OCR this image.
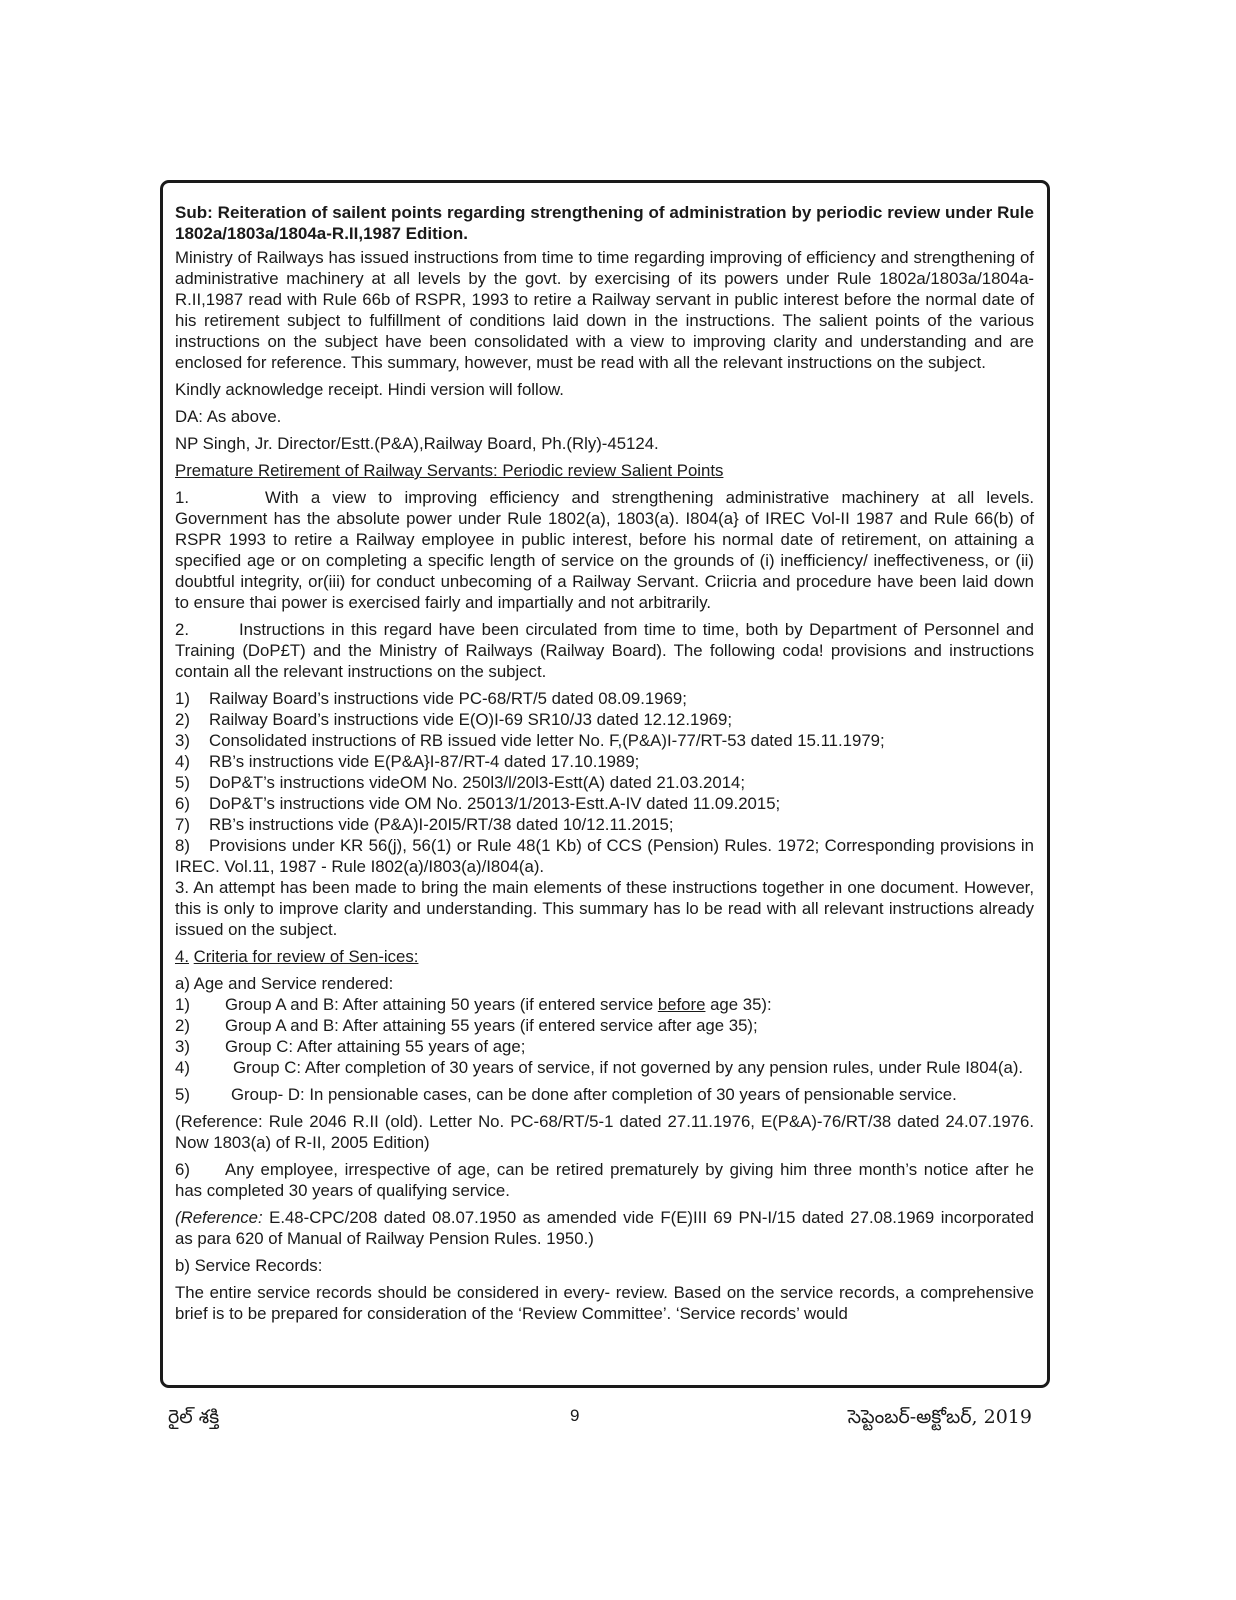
Sub: Reiteration of sailent points regarding strengthening of administration by periodic review under Rule 1802a/1803a/1804a-R.II,1987 Edition.

Ministry of Railways has issued instructions from time to time regarding improving of efficiency and strengthening of administrative machinery at all levels by the govt. by exercising of its powers under Rule 1802a/1803a/1804a-R.II,1987 read with Rule 66b of RSPR, 1993 to retire a Railway servant in public interest before the normal date of his retirement subject to fulfillment of conditions laid down in the instructions. The salient points of the various instructions on the subject have been consolidated with a view to improving clarity and understanding and are enclosed for reference. This summary, however, must be read with all the relevant instructions on the subject.

Kindly acknowledge receipt. Hindi version will follow.

DA: As above.

NP Singh, Jr. Director/Estt.(P&A),Railway Board, Ph.(Rly)-45124.

Premature Retirement of Railway Servants: Periodic review Salient Points

1.	With a view to improving efficiency and strengthening administrative machinery at all levels. Government has the absolute power under Rule 1802(a), 1803(a). I804(a} of IREC Vol-II 1987 and Rule 66(b) of RSPR 1993 to retire a Railway employee in public interest, before his normal date of retirement, on attaining a specified age or on completing a specific length of service on the grounds of (i) inefficiency/ ineffectiveness, or (ii) doubtful integrity, or(iii) for conduct unbecoming of a Railway Servant. Criicria and procedure have been laid down to ensure thai power is exercised fairly and impartially and not arbitrarily.

2.	Instructions in this regard have been circulated from time to time, both by Department of Personnel and Training (DoP£T) and the Ministry of Railways (Railway Board). The following coda! provisions and instructions contain all the relevant instructions on the subject.

1) Railway Board’s instructions vide PC-68/RT/5 dated 08.09.1969;

2) Railway Board’s instructions vide E(O)I-69 SR10/J3 dated 12.12.1969;

3) Consolidated instructions of RB issued vide letter No. F,(P&A)I-77/RT-53 dated 15.11.1979;

4) RB’s instructions vide E(P&A}I-87/RT-4 dated 17.10.1989;

5) DoP&T’s instructions videOM No. 250l3/l/20l3-Estt(A) dated 21.03.2014;

6) DoP&T’s instructions vide OM No. 25013/1/2013-Estt.A-IV dated 11.09.2015;

7) RB’s instructions vide (P&A)I-20I5/RT/38 dated 10/12.11.2015;

8) Provisions under KR 56(j), 56(1) or Rule 48(1 Kb) of CCS (Pension) Rules. 1972; Corresponding provisions in IREC. Vol.11, 1987 - Rule I802(a)/I803(a)/I804(a).

3. An attempt has been made to bring the main elements of these instructions together in one document. However, this is only to improve clarity and understanding. This summary has lo be read with all relevant instructions already issued on the subject.

4. Criteria for review of Sen-ices:

a) Age and Service rendered:

1) Group A and B: After attaining 50 years (if entered service before age 35):

2) Group A and B: After attaining 55 years (if entered service after age 35);

3) Group C: After attaining 55 years of age;

4)	Group C: After completion of 30 years of service, if not governed by any pension rules, under Rule I804(a).

5) Group- D: In pensionable cases, can be done after completion of 30 years of pensionable service.

(Reference: Rule 2046 R.II (old). Letter No. PC-68/RT/5-1 dated 27.11.1976, E(P&A)-76/RT/38 dated 24.07.1976. Now 1803(a) of R-II, 2005 Edition)

6) Any employee, irrespective of age, can be retired prematurely by giving him three month’s notice after he has completed 30 years of qualifying service.

(Reference: E.48-CPC/208 dated 08.07.1950 as amended vide F(E)III 69 PN-I/15 dated 27.08.1969 incorporated as para 620 of Manual of Railway Pension Rules. 1950.)

b) Service Records:

The entire service records should be considered in every- review. Based on the service records, a comprehensive brief is to be prepared for consideration of the ‘Review Committee’. ‘Service records’ would

రైల్ శక్తి	9	సెప్టెంబర్-అక్టోబర్, 2019
